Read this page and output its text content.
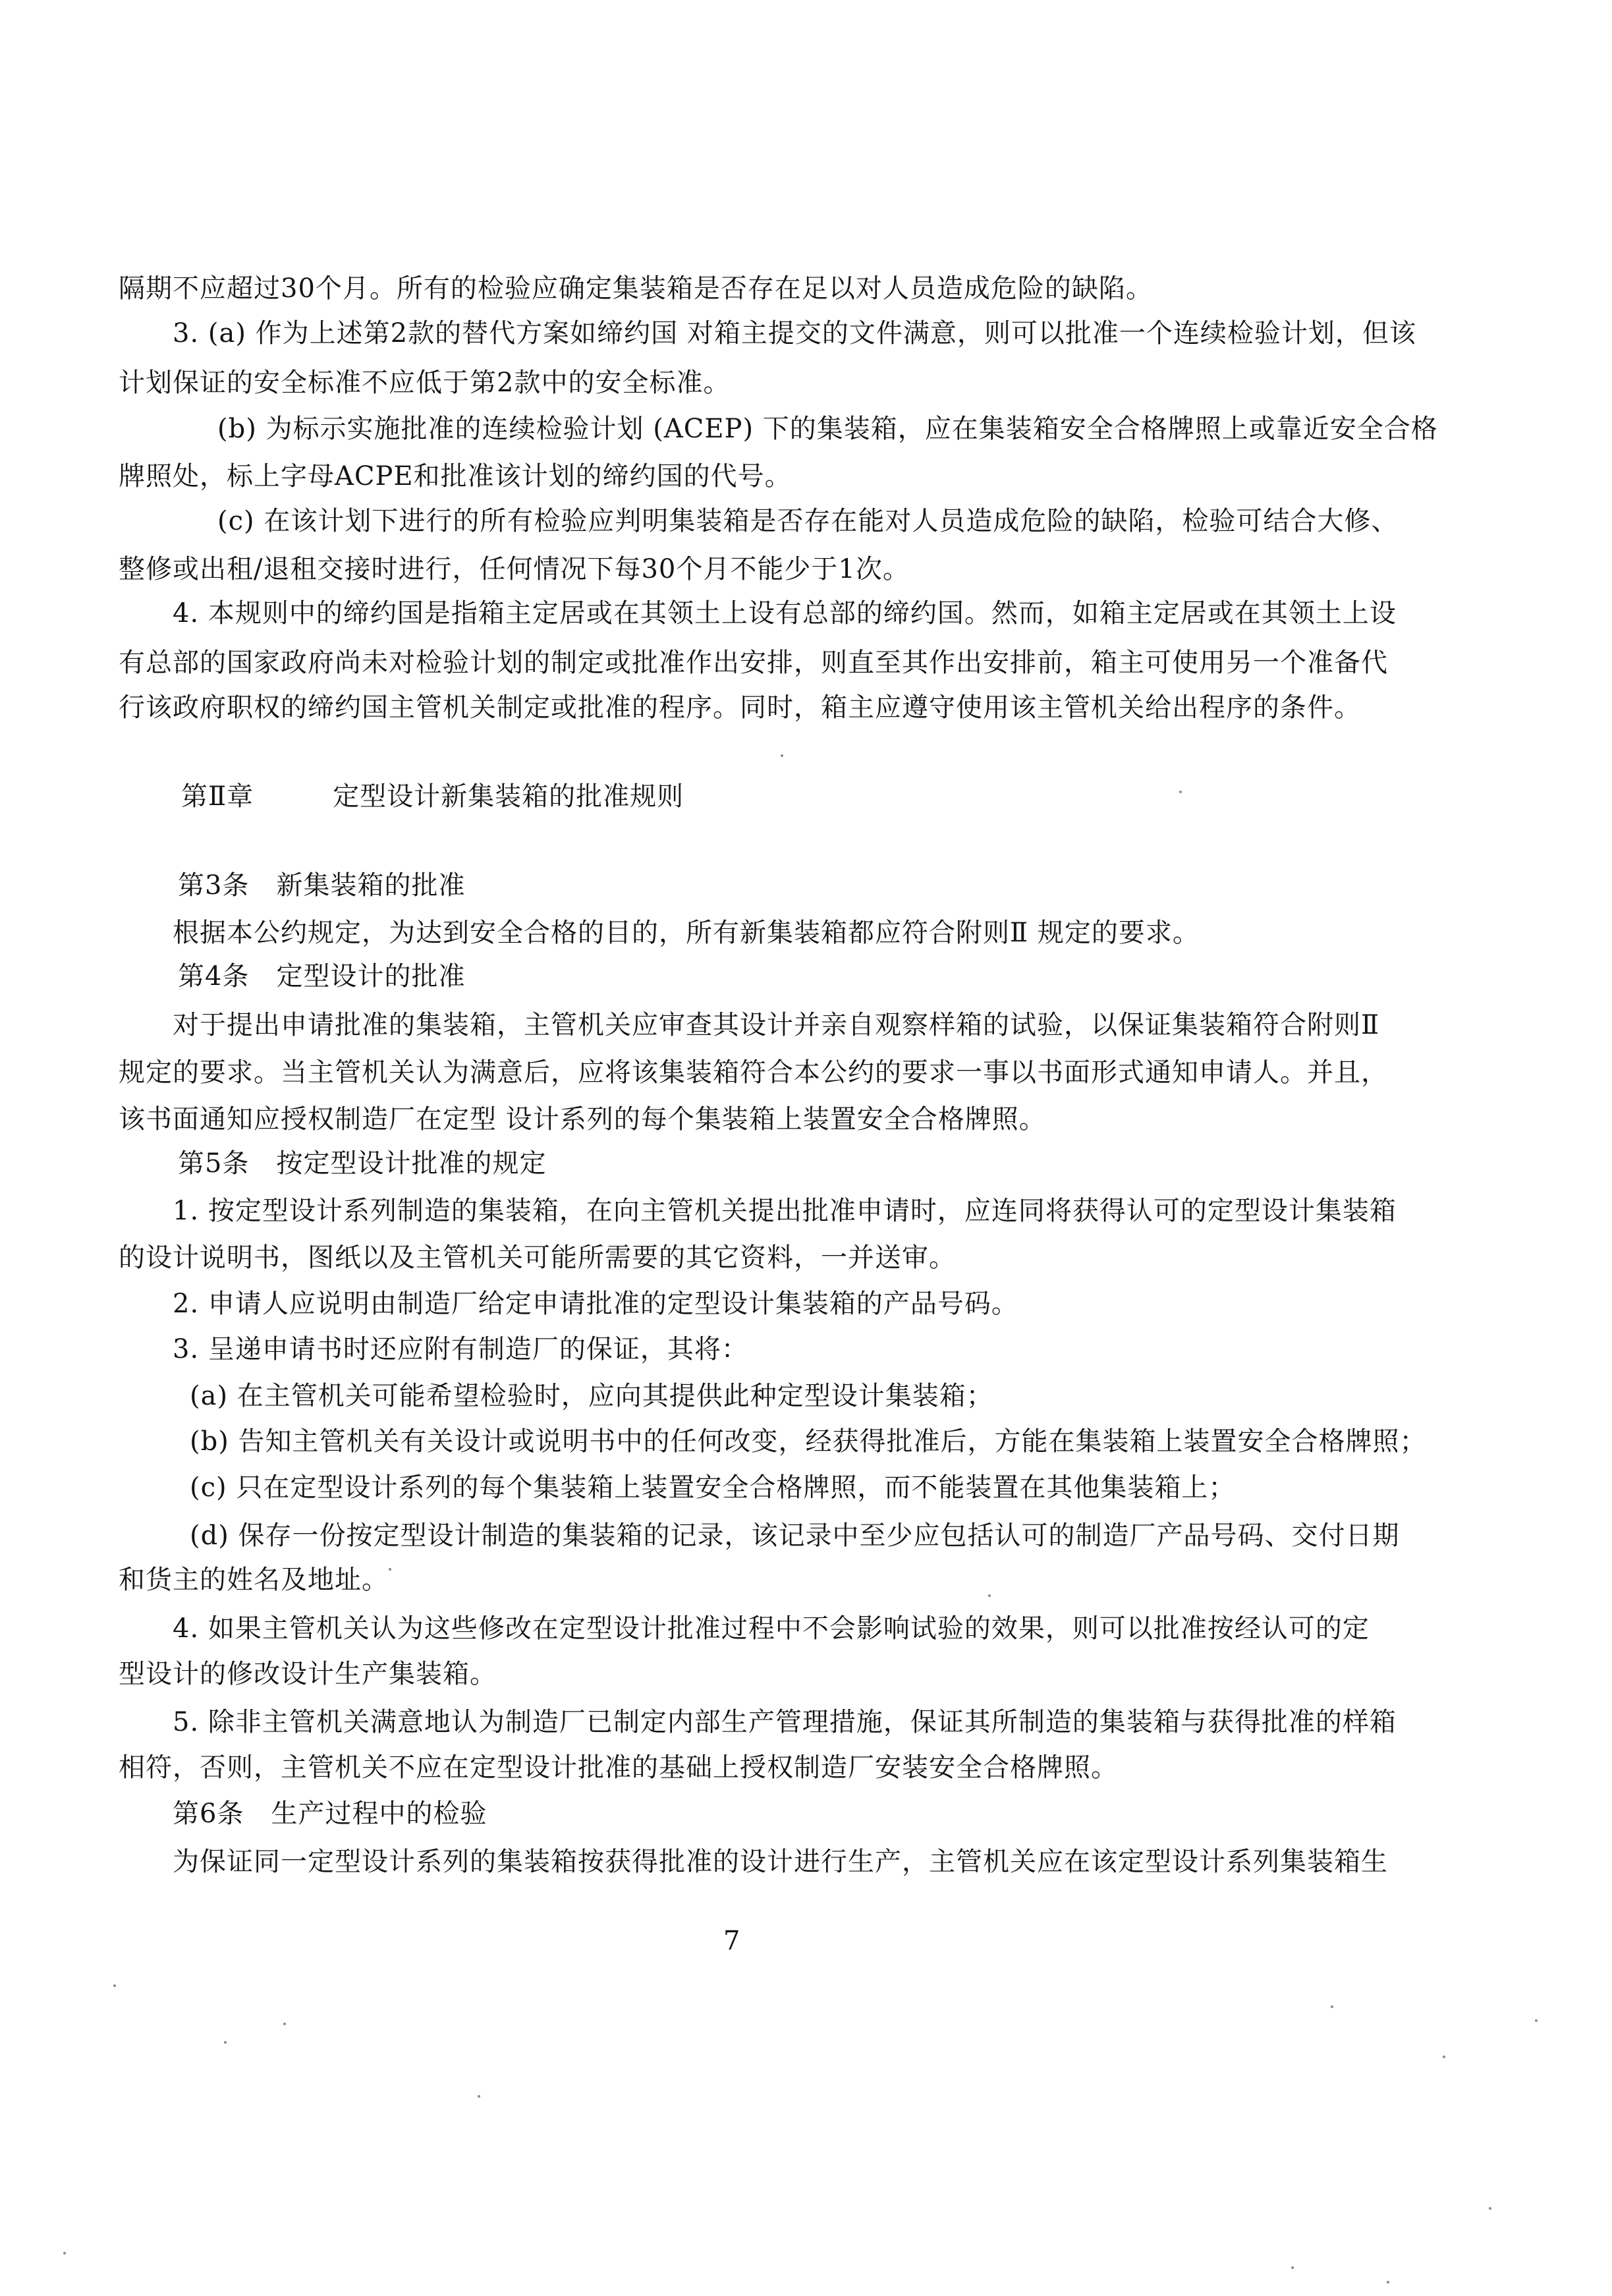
隔期不应超过30个月。所有的检验应确定集装箱是否存在足以对人员造成危险的缺陷。
3. (a) 作为上述第2款的替代方案如缔约国 对箱主提交的文件满意，则可以批准一个连续检验计划，但该
计划保证的安全标准不应低于第2款中的安全标准。
(b) 为标示实施批准的连续检验计划 (ACEP) 下的集装箱，应在集装箱安全合格牌照上或靠近安全合格
牌照处，标上字母ACPE和批准该计划的缔约国的代号。
(c) 在该计划下进行的所有检验应判明集装箱是否存在能对人员造成危险的缺陷，检验可结合大修、
整修或出租/退租交接时进行，任何情况下每30个月不能少于1次。
4. 本规则中的缔约国是指箱主定居或在其领土上设有总部的缔约国。然而，如箱主定居或在其领土上设
有总部的国家政府尚未对检验计划的制定或批准作出安排，则直至其作出安排前，箱主可使用另一个准备代
行该政府职权的缔约国主管机关制定或批准的程序。同时，箱主应遵守使用该主管机关给出程序的条件。
第Ⅱ章	定型设计新集装箱的批准规则
第3条　新集装箱的批准
根据本公约规定，为达到安全合格的目的，所有新集装箱都应符合附则Ⅱ 规定的要求。
第4条　定型设计的批准
对于提出申请批准的集装箱，主管机关应审查其设计并亲自观察样箱的试验，以保证集装箱符合附则Ⅱ
规定的要求。当主管机关认为满意后，应将该集装箱符合本公约的要求一事以书面形式通知申请人。并且，
该书面通知应授权制造厂在定型 设计系列的每个集装箱上装置安全合格牌照。
第5条　按定型设计批准的规定
1. 按定型设计系列制造的集装箱，在向主管机关提出批准申请时，应连同将获得认可的定型设计集装箱
的设计说明书，图纸以及主管机关可能所需要的其它资料，一并送审。
2. 申请人应说明由制造厂给定申请批准的定型设计集装箱的产品号码。
3. 呈递申请书时还应附有制造厂的保证，其将：
(a) 在主管机关可能希望检验时，应向其提供此种定型设计集装箱；
(b) 告知主管机关有关设计或说明书中的任何改变，经获得批准后，方能在集装箱上装置安全合格牌照；
(c) 只在定型设计系列的每个集装箱上装置安全合格牌照，而不能装置在其他集装箱上；
(d) 保存一份按定型设计制造的集装箱的记录，该记录中至少应包括认可的制造厂产品号码、交付日期
和货主的姓名及地址。
4. 如果主管机关认为这些修改在定型设计批准过程中不会影响试验的效果，则可以批准按经认可的定
型设计的修改设计生产集装箱。
5. 除非主管机关满意地认为制造厂已制定内部生产管理措施，保证其所制造的集装箱与获得批准的样箱
相符，否则，主管机关不应在定型设计批准的基础上授权制造厂安装安全合格牌照。
第6条　生产过程中的检验
为保证同一定型设计系列的集装箱按获得批准的设计进行生产，主管机关应在该定型设计系列集装箱生
7
